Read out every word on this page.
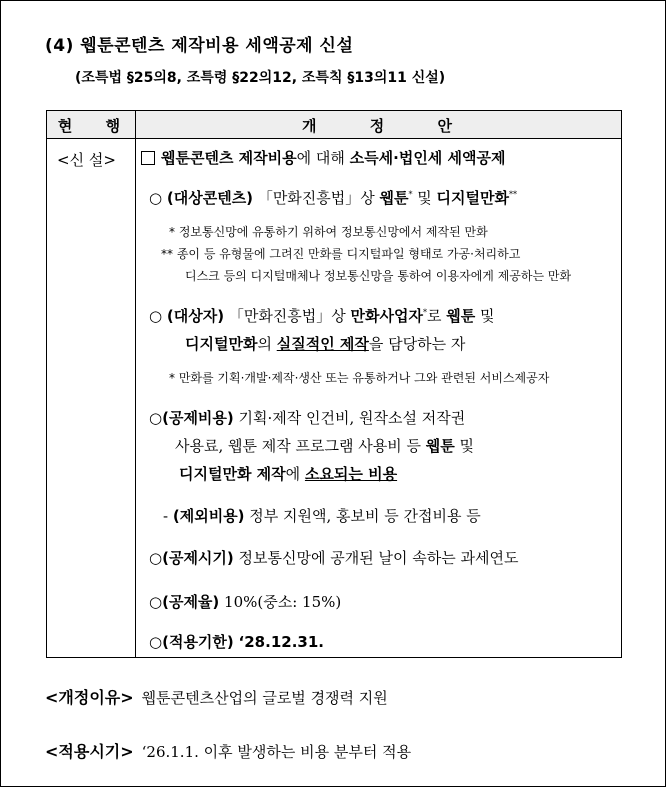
(4) 웹툰콘텐츠 제작비용 세액공제 신설
(조특법 §25의8, 조특령 §22의12, 조특칙 §13의11 신설)
현 행	개 정 안
<신 설>	웹툰콘텐츠 제작비용에 대해 소득세·법인세 세액공제
○ (대상콘텐츠) 「만화진흥법」상 웹툰* 및 디지털만화**
* 정보통신망에 유통하기 위하여 정보통신망에서 제작된 만화
** 종이 등 유형물에 그려진 만화를 디지털파일 형태로 가공·처리하고
디스크 등의 디지털매체나 정보통신망을 통하여 이용자에게 제공하는 만화
○ (대상자) 「만화진흥법」상 만화사업자*로 웹툰 및
디지털만화의 실질적인 제작을 담당하는 자
* 만화를 기획·개발·제작·생산 또는 유통하거나 그와 관련된 서비스제공자
○(공제비용) 기획·제작 인건비, 원작소설 저작권
사용료, 웹툰 제작 프로그램 사용비 등 웹툰 및
디지털만화 제작에 소요되는 비용
- (제외비용) 정부 지원액, 홍보비 등 간접비용 등
○(공제시기) 정보통신망에 공개된 날이 속하는 과세연도
○(공제율) 10%(중소: 15%)
○(적용기한) ‘28.12.31.
<개정이유> 웹툰콘텐츠산업의 글로벌 경쟁력 지원
<적용시기> ‘26.1.1. 이후 발생하는 비용 분부터 적용
